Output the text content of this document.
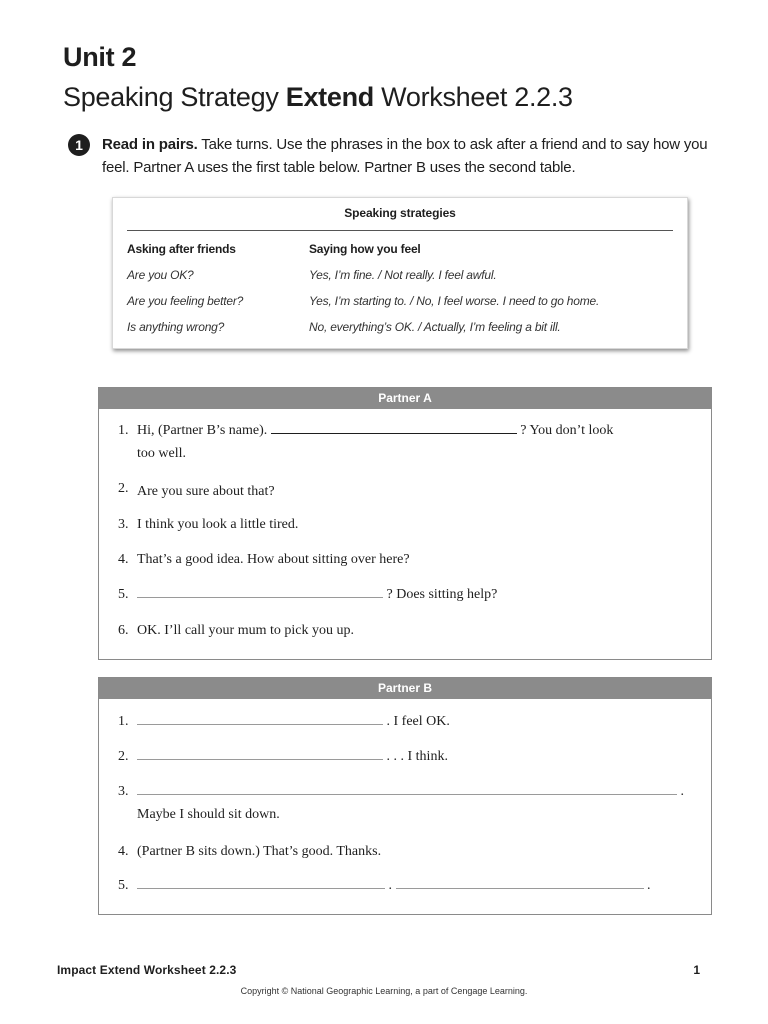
Unit 2
Speaking Strategy Extend Worksheet 2.2.3
1	Read in pairs. Take turns. Use the phrases in the box to ask after a friend and to say how you feel. Partner A uses the first table below. Partner B uses the second table.

Speaking strategies
Asking after friends	Saying how you feel
Are you OK?	Yes, I’m fine. / Not really. I feel awful.
Are you feeling better?	Yes, I’m starting to. / No, I feel worse. I need to go home.
Is anything wrong?	No, everything’s OK. / Actually, I’m feeling a bit ill.
Partner A
1. Hi, (Partner B’s name).	? You don’t look
too well.
2. Are you sure about that?
3. I think you look a little tired.
4. That’s a good idea. How about sitting over here?
5.	? Does sitting help?
6. OK. I’ll call your mum to pick you up.
Partner B
1.	. I feel OK.
2.	. . . I think.
3.	.
Maybe I should sit down.
4. (Partner B sits down.) That’s good. Thanks.
5.	.	.
Impact Extend Worksheet 2.2.3	1
Copyright © National Geographic Learning, a part of Cengage Learning.
